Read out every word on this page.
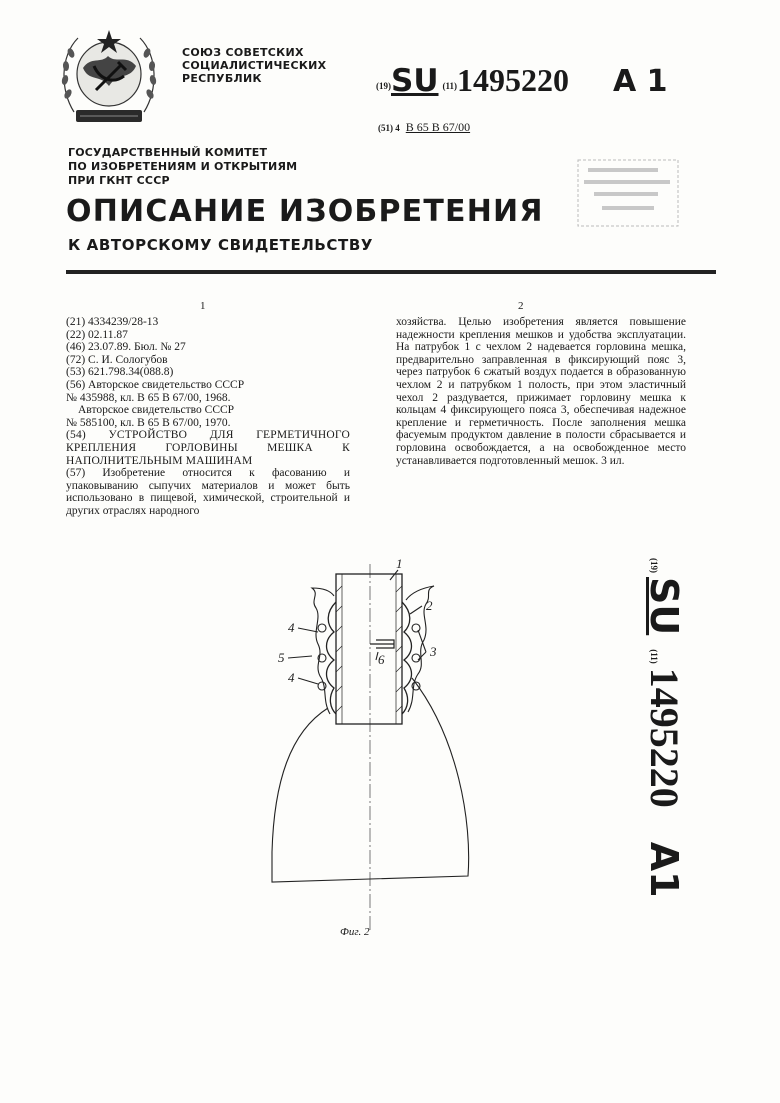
СОЮЗ СОВЕТСКИХ
СОЦИАЛИСТИЧЕСКИХ
РЕСПУБЛИК
(19)SU (11)1495220 A 1
(51) 4 B 65 B 67/00
ГОСУДАРСТВЕННЫЙ КОМИТЕТ
ПО ИЗОБРЕТЕНИЯМ И ОТКРЫТИЯМ
ПРИ ГКНТ СССР
ОПИСАНИЕ ИЗОБРЕТЕНИЯ
К АВТОРСКОМУ СВИДЕТЕЛЬСТВУ
1	2

(21) 4334239/28-13

(22) 02.11.87

(46) 23.07.89. Бюл. № 27

(72) С. И. Сологубов

(53) 621.798.34(088.8)

(56) Авторское свидетельство СССР

№ 435988, кл. B 65 B 67/00, 1968.

Авторское свидетельство СССР

№ 585100, кл. B 65 B 67/00, 1970.

(54) УСТРОЙСТВО ДЛЯ ГЕРМЕТИЧНОГО КРЕПЛЕНИЯ ГОРЛОВИНЫ МЕШКА К НАПОЛНИТЕЛЬНЫМ МАШИНАМ

(57) Изобретение относится к фасованию и упаковыванию сыпучих материалов и может быть использовано в пищевой, химической, строительной и других отраслях народного

хозяйства. Целью изобретения является повышение надежности крепления мешков и удобства эксплуатации. На патрубок 1 с чехлом 2 надевается горловина мешка, предварительно заправленная в фиксирующий пояс 3, через патрубок 6 сжатый воздух подается в образованную чехлом 2 и патрубком 1 полость, при этом эластичный чехол 2 раздувается, прижимает горловину мешка к кольцам 4 фиксирующего пояса 3, обеспечивая надежное крепление и герметичность. После заполнения мешка фасуемым продуктом давление в полости сбрасывается и горловина освобождается, а на освобожденное место устанавливается подготовленный мешок. 3 ил.

(19)
SU
(11)
1495220
A1
1
2
3
4
5
4
6
Фиг. 2
